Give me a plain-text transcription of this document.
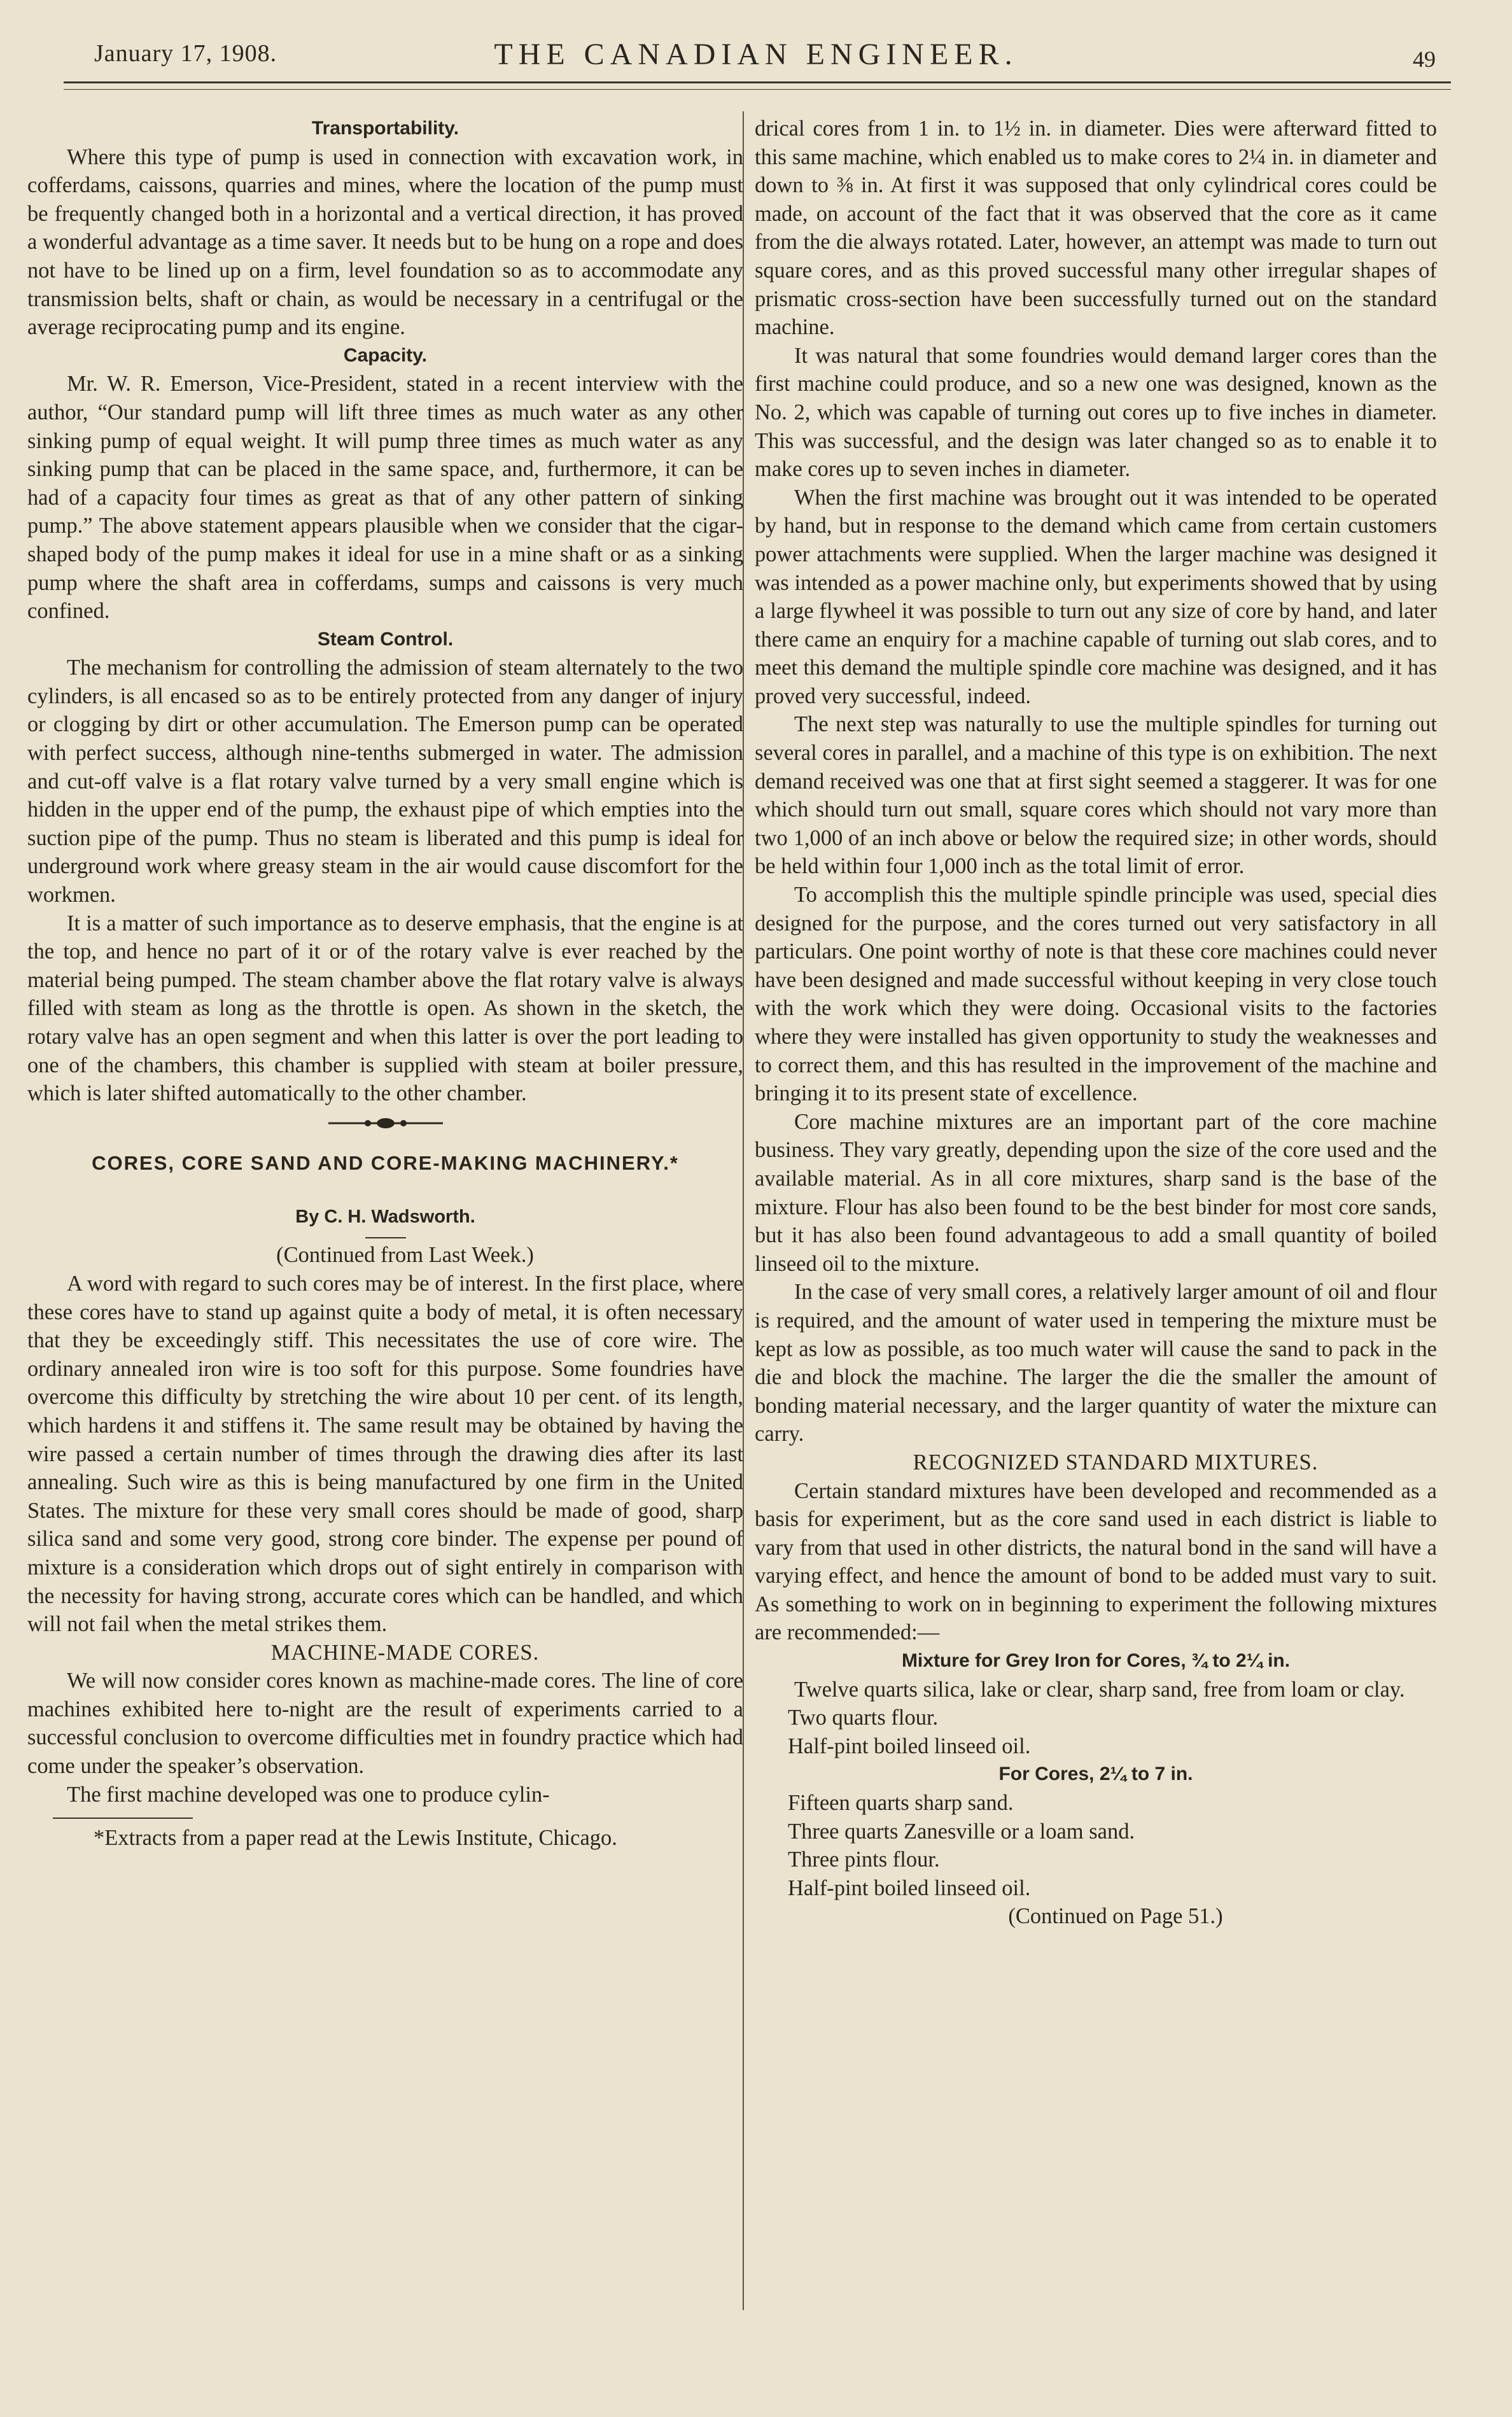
January 17, 1908.	THE CANADIAN ENGINEER.	49
Transportability.

Where this type of pump is used in connection with excavation work, in cofferdams, caissons, quarries and mines, where the location of the pump must be frequently changed both in a horizontal and a vertical direction, it has proved a wonderful advantage as a time saver. It needs but to be hung on a rope and does not have to be lined up on a firm, level foundation so as to accommodate any transmission belts, shaft or chain, as would be necessary in a centrifugal or the average reciprocating pump and its engine.

Capacity.

Mr. W. R. Emerson, Vice-President, stated in a recent interview with the author, “Our standard pump will lift three times as much water as any other sinking pump of equal weight. It will pump three times as much water as any sinking pump that can be placed in the same space, and, furthermore, it can be had of a capacity four times as great as that of any other pattern of sinking pump.” The above statement appears plausible when we consider that the cigar-shaped body of the pump makes it ideal for use in a mine shaft or as a sinking pump where the shaft area in cofferdams, sumps and caissons is very much confined.

Steam Control.

The mechanism for controlling the admission of steam alternately to the two cylinders, is all encased so as to be entirely protected from any danger of injury or clogging by dirt or other accumulation. The Emerson pump can be operated with perfect success, although nine-tenths submerged in water. The admission and cut-off valve is a flat rotary valve turned by a very small engine which is hidden in the upper end of the pump, the exhaust pipe of which empties into the suction pipe of the pump. Thus no steam is liberated and this pump is ideal for underground work where greasy steam in the air would cause discomfort for the workmen.

It is a matter of such importance as to deserve emphasis, that the engine is at the top, and hence no part of it or of the rotary valve is ever reached by the material being pumped. The steam chamber above the flat rotary valve is always filled with steam as long as the throttle is open. As shown in the sketch, the rotary valve has an open segment and when this latter is over the port leading to one of the chambers, this chamber is supplied with steam at boiler pressure, which is later shifted automatically to the other chamber.

CORES, CORE SAND AND CORE-MAKING MACHINERY.*
By C. H. Wadsworth.

(Continued from Last Week.)

A word with regard to such cores may be of interest. In the first place, where these cores have to stand up against quite a body of metal, it is often necessary that they be exceedingly stiff. This necessitates the use of core wire. The ordinary annealed iron wire is too soft for this purpose. Some foundries have overcome this difficulty by stretching the wire about 10 per cent. of its length, which hardens it and stiffens it. The same result may be obtained by having the wire passed a certain number of times through the drawing dies after its last annealing. Such wire as this is being manufactured by one firm in the United States. The mixture for these very small cores should be made of good, sharp silica sand and some very good, strong core binder. The expense per pound of mixture is a consideration which drops out of sight entirely in comparison with the necessity for having strong, accurate cores which can be handled, and which will not fail when the metal strikes them.

MACHINE-MADE CORES.

We will now consider cores known as machine-made cores. The line of core machines exhibited here to-night are the result of experiments carried to a successful conclusion to overcome difficulties met in foundry practice which had come under the speaker’s observation.

The first machine developed was one to produce cylin-

*Extracts from a paper read at the Lewis Institute, Chicago.

drical cores from 1 in. to 1½ in. in diameter. Dies were afterward fitted to this same machine, which enabled us to make cores to 2¼ in. in diameter and down to ⅜ in. At first it was supposed that only cylindrical cores could be made, on account of the fact that it was observed that the core as it came from the die always rotated. Later, however, an attempt was made to turn out square cores, and as this proved successful many other irregular shapes of prismatic cross-section have been successfully turned out on the standard machine.

It was natural that some foundries would demand larger cores than the first machine could produce, and so a new one was designed, known as the No. 2, which was capable of turning out cores up to five inches in diameter. This was successful, and the design was later changed so as to enable it to make cores up to seven inches in diameter.

When the first machine was brought out it was intended to be operated by hand, but in response to the demand which came from certain customers power attachments were supplied. When the larger machine was designed it was intended as a power machine only, but experiments showed that by using a large flywheel it was possible to turn out any size of core by hand, and later there came an enquiry for a machine capable of turning out slab cores, and to meet this demand the multiple spindle core machine was designed, and it has proved very successful, indeed.

The next step was naturally to use the multiple spindles for turning out several cores in parallel, and a machine of this type is on exhibition. The next demand received was one that at first sight seemed a staggerer. It was for one which should turn out small, square cores which should not vary more than two 1,000 of an inch above or below the required size; in other words, should be held within four 1,000 inch as the total limit of error.

To accomplish this the multiple spindle principle was used, special dies designed for the purpose, and the cores turned out very satisfactory in all particulars. One point worthy of note is that these core machines could never have been designed and made successful without keeping in very close touch with the work which they were doing. Occasional visits to the factories where they were installed has given opportunity to study the weaknesses and to correct them, and this has resulted in the improvement of the machine and bringing it to its present state of excellence.

Core machine mixtures are an important part of the core machine business. They vary greatly, depending upon the size of the core used and the available material. As in all core mixtures, sharp sand is the base of the mixture. Flour has also been found to be the best binder for most core sands, but it has also been found advantageous to add a small quantity of boiled linseed oil to the mixture.

In the case of very small cores, a relatively larger amount of oil and flour is required, and the amount of water used in tempering the mixture must be kept as low as possible, as too much water will cause the sand to pack in the die and block the machine. The larger the die the smaller the amount of bonding material necessary, and the larger quantity of water the mixture can carry.

RECOGNIZED STANDARD MIXTURES.

Certain standard mixtures have been developed and recommended as a basis for experiment, but as the core sand used in each district is liable to vary from that used in other districts, the natural bond in the sand will have a varying effect, and hence the amount of bond to be added must vary to suit. As something to work on in beginning to experiment the following mixtures are recommended:—

Mixture for Grey Iron for Cores, ¾ to 2¼ in.

Twelve quarts silica, lake or clear, sharp sand, free from loam or clay.

Two quarts flour.

Half-pint boiled linseed oil.

For Cores, 2¼ to 7 in.

Fifteen quarts sharp sand.

Three quarts Zanesville or a loam sand.

Three pints flour.

Half-pint boiled linseed oil.

(Continued on Page 51.)
